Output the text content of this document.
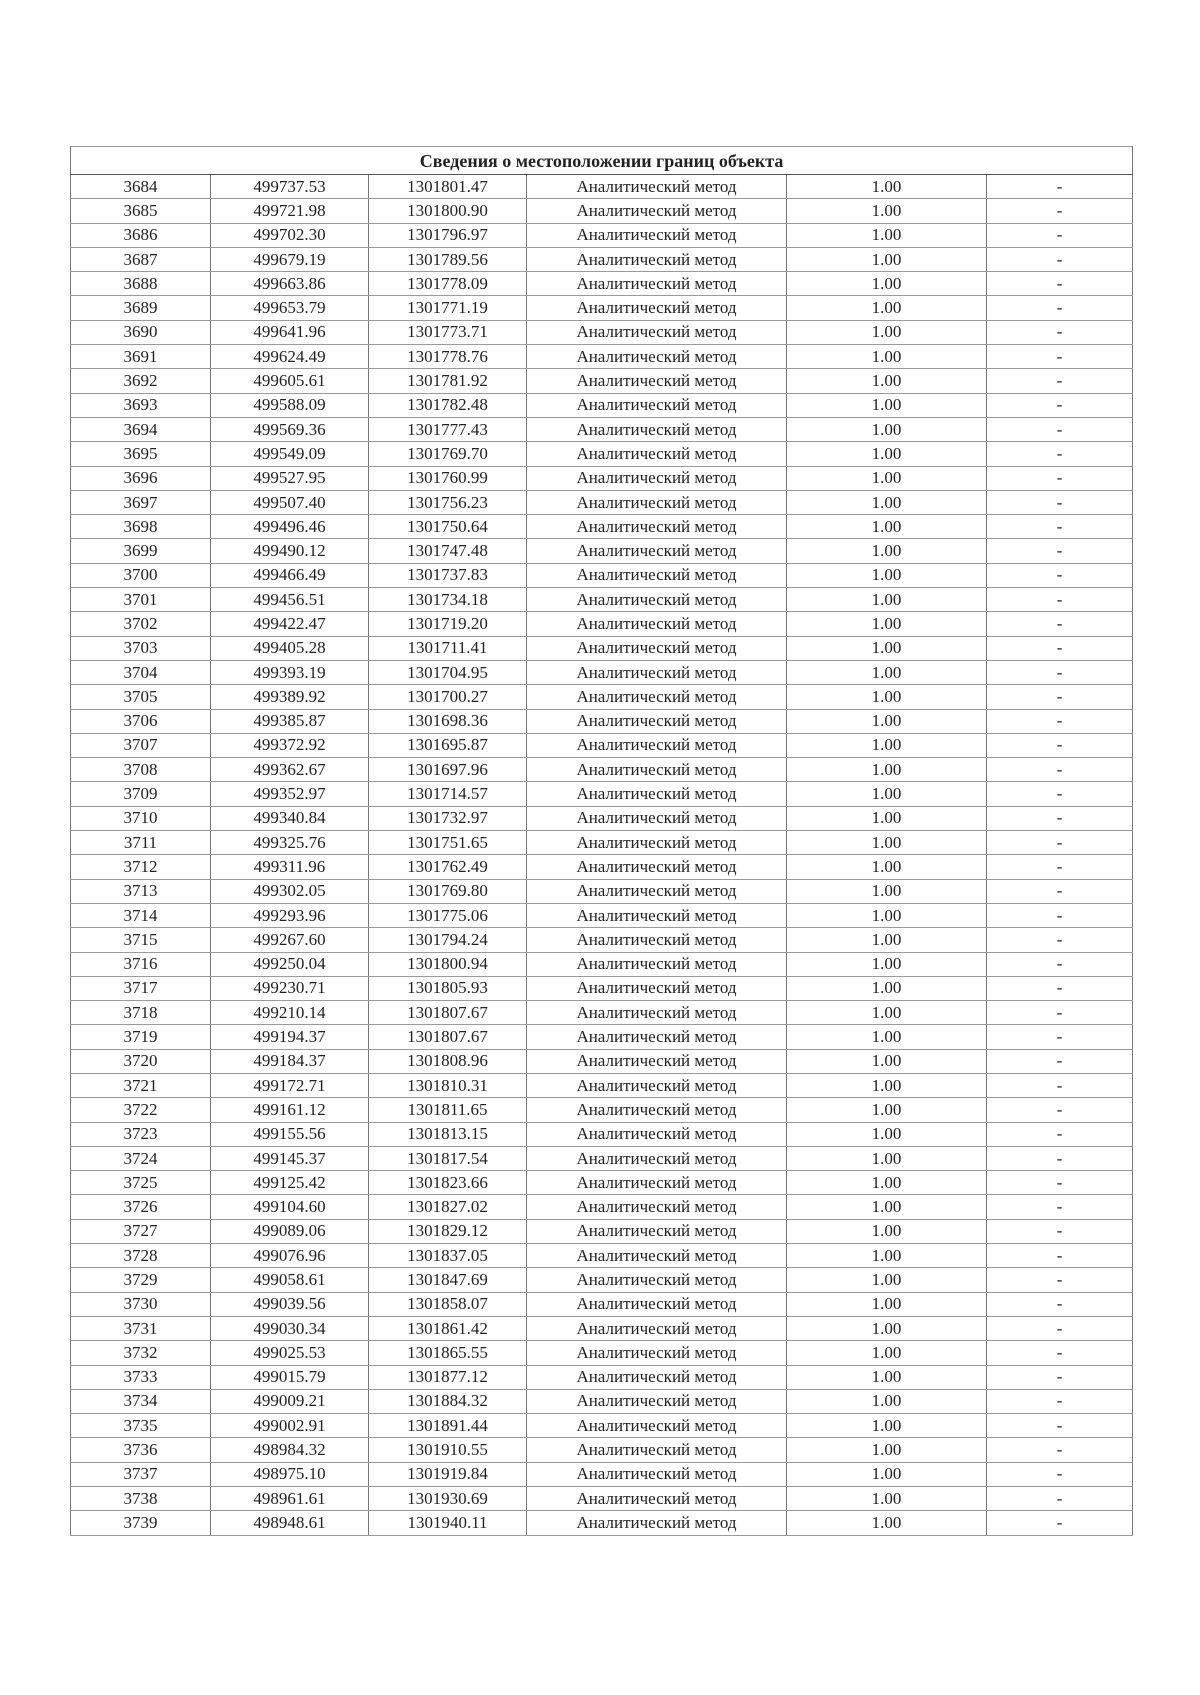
Сведения о местоположении границ объекта					
3684	499737.53	1301801.47	Аналитический метод	1.00	-
3685	499721.98	1301800.90	Аналитический метод	1.00	-
3686	499702.30	1301796.97	Аналитический метод	1.00	-
3687	499679.19	1301789.56	Аналитический метод	1.00	-
3688	499663.86	1301778.09	Аналитический метод	1.00	-
3689	499653.79	1301771.19	Аналитический метод	1.00	-
3690	499641.96	1301773.71	Аналитический метод	1.00	-
3691	499624.49	1301778.76	Аналитический метод	1.00	-
3692	499605.61	1301781.92	Аналитический метод	1.00	-
3693	499588.09	1301782.48	Аналитический метод	1.00	-
3694	499569.36	1301777.43	Аналитический метод	1.00	-
3695	499549.09	1301769.70	Аналитический метод	1.00	-
3696	499527.95	1301760.99	Аналитический метод	1.00	-
3697	499507.40	1301756.23	Аналитический метод	1.00	-
3698	499496.46	1301750.64	Аналитический метод	1.00	-
3699	499490.12	1301747.48	Аналитический метод	1.00	-
3700	499466.49	1301737.83	Аналитический метод	1.00	-
3701	499456.51	1301734.18	Аналитический метод	1.00	-
3702	499422.47	1301719.20	Аналитический метод	1.00	-
3703	499405.28	1301711.41	Аналитический метод	1.00	-
3704	499393.19	1301704.95	Аналитический метод	1.00	-
3705	499389.92	1301700.27	Аналитический метод	1.00	-
3706	499385.87	1301698.36	Аналитический метод	1.00	-
3707	499372.92	1301695.87	Аналитический метод	1.00	-
3708	499362.67	1301697.96	Аналитический метод	1.00	-
3709	499352.97	1301714.57	Аналитический метод	1.00	-
3710	499340.84	1301732.97	Аналитический метод	1.00	-
3711	499325.76	1301751.65	Аналитический метод	1.00	-
3712	499311.96	1301762.49	Аналитический метод	1.00	-
3713	499302.05	1301769.80	Аналитический метод	1.00	-
3714	499293.96	1301775.06	Аналитический метод	1.00	-
3715	499267.60	1301794.24	Аналитический метод	1.00	-
3716	499250.04	1301800.94	Аналитический метод	1.00	-
3717	499230.71	1301805.93	Аналитический метод	1.00	-
3718	499210.14	1301807.67	Аналитический метод	1.00	-
3719	499194.37	1301807.67	Аналитический метод	1.00	-
3720	499184.37	1301808.96	Аналитический метод	1.00	-
3721	499172.71	1301810.31	Аналитический метод	1.00	-
3722	499161.12	1301811.65	Аналитический метод	1.00	-
3723	499155.56	1301813.15	Аналитический метод	1.00	-
3724	499145.37	1301817.54	Аналитический метод	1.00	-
3725	499125.42	1301823.66	Аналитический метод	1.00	-
3726	499104.60	1301827.02	Аналитический метод	1.00	-
3727	499089.06	1301829.12	Аналитический метод	1.00	-
3728	499076.96	1301837.05	Аналитический метод	1.00	-
3729	499058.61	1301847.69	Аналитический метод	1.00	-
3730	499039.56	1301858.07	Аналитический метод	1.00	-
3731	499030.34	1301861.42	Аналитический метод	1.00	-
3732	499025.53	1301865.55	Аналитический метод	1.00	-
3733	499015.79	1301877.12	Аналитический метод	1.00	-
3734	499009.21	1301884.32	Аналитический метод	1.00	-
3735	499002.91	1301891.44	Аналитический метод	1.00	-
3736	498984.32	1301910.55	Аналитический метод	1.00	-
3737	498975.10	1301919.84	Аналитический метод	1.00	-
3738	498961.61	1301930.69	Аналитический метод	1.00	-
3739	498948.61	1301940.11	Аналитический метод	1.00	-
